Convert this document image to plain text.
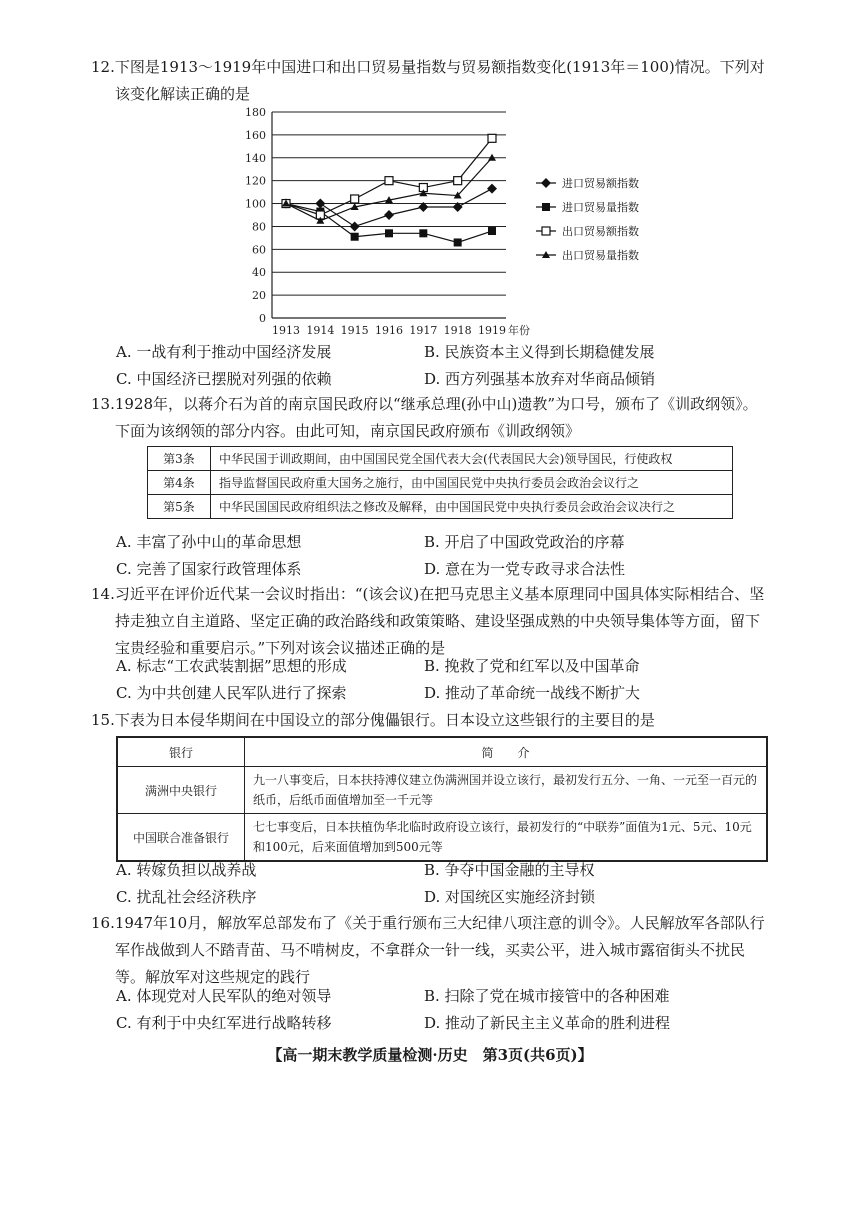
12.下图是1913～1919年中国进口和出口贸易量指数与贸易额指数变化(1913年＝100)情况。下列对该变化解读正确的是

0
20
40
60
80
100
120
140
160
180
1913 1914 1915 1916 1917 1918 1919 年份
进口贸易额指数
进口贸易量指数
出口贸易额指数
出口贸易量指数
A. 一战有利于推动中国经济发展	B. 民族资本主义得到长期稳健发展
C. 中国经济已摆脱对列强的依赖	D. 西方列强基本放弃对华商品倾销

13.1928年，以蒋介石为首的南京国民政府以“继承总理(孙中山)遗教”为口号，颁布了《训政纲领》。下面为该纲领的部分内容。由此可知，南京国民政府颁布《训政纲领》

第3条	中华民国于训政期间，由中国国民党全国代表大会(代表国民大会)领导国民，行使政权
第4条	指导监督国民政府重大国务之施行，由中国国民党中央执行委员会政治会议行之
第5条	中华民国国民政府组织法之修改及解释，由中国国民党中央执行委员会政治会议决行之
A. 丰富了孙中山的革命思想	B. 开启了中国政党政治的序幕
C. 完善了国家行政管理体系	D. 意在为一党专政寻求合法性

14.习近平在评价近代某一会议时指出：“(该会议)在把马克思主义基本原理同中国具体实际相结合、坚持走独立自主道路、坚定正确的政治路线和政策策略、建设坚强成熟的中央领导集体等方面，留下宝贵经验和重要启示。”下列对该会议描述正确的是

A. 标志“工农武装割据”思想的形成	B. 挽救了党和红军以及中国革命
C. 为中共创建人民军队进行了探索	D. 推动了革命统一战线不断扩大

15.下表为日本侵华期间在中国设立的部分傀儡银行。日本设立这些银行的主要目的是

银行	简　　介
满洲中央银行	九一八事变后，日本扶持溥仪建立伪满洲国并设立该行，最初发行五分、一角、一元至一百元的纸币，后纸币面值增加至一千元等
中国联合准备银行	七七事变后，日本扶植伪华北临时政府设立该行，最初发行的“中联券”面值为1元、5元、10元和100元，后来面值增加到500元等
A. 转嫁负担以战养战	B. 争夺中国金融的主导权
C. 扰乱社会经济秩序	D. 对国统区实施经济封锁

16.1947年10月，解放军总部发布了《关于重行颁布三大纪律八项注意的训令》。人民解放军各部队行军作战做到人不踏青苗、马不啃树皮，不拿群众一针一线，买卖公平，进入城市露宿街头不扰民等。解放军对这些规定的践行

A. 体现党对人民军队的绝对领导	B. 扫除了党在城市接管中的各种困难
C. 有利于中央红军进行战略转移	D. 推动了新民主主义革命的胜利进程
【高一期末教学质量检测·历史　第3页(共6页)】
